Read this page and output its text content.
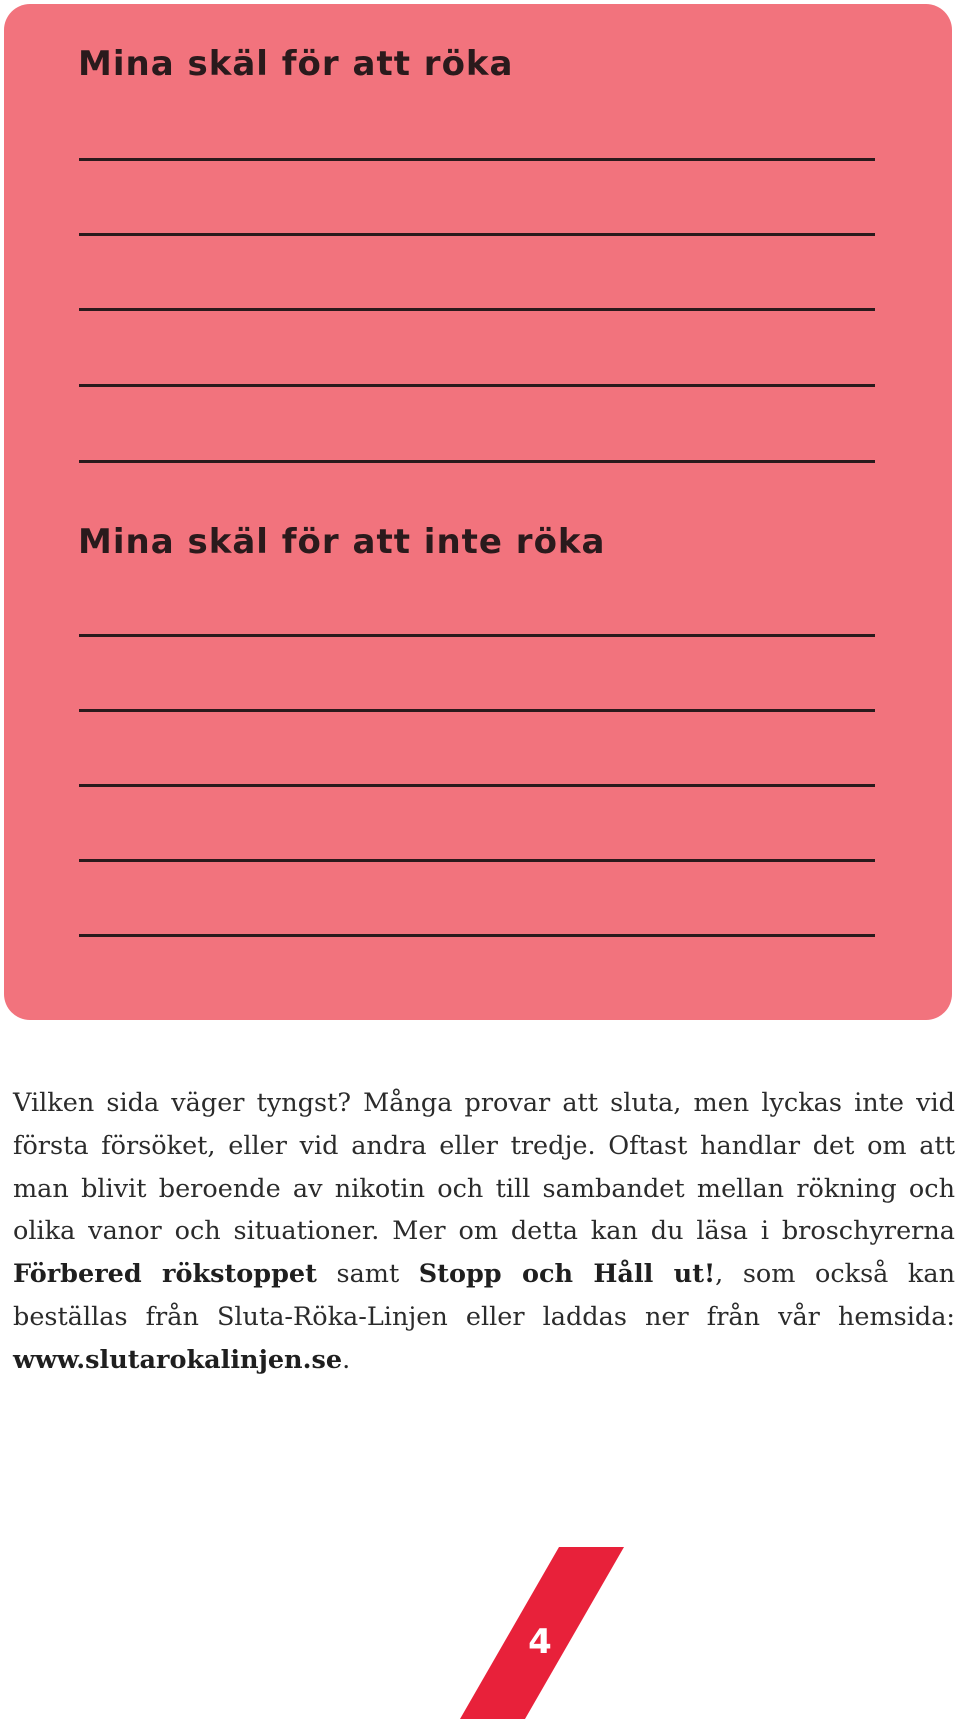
Mina skäl för att röka
Mina skäl för att inte röka

Vilken sida väger tyngst? Många provar att sluta, men lyckas inte vid första försöket, eller vid andra eller tredje. Oftast handlar det om att man blivit beroende av nikotin och till sambandet mellan rökning och olika vanor och situationer. Mer om detta kan du läsa i broschyrerna Förbered rökstoppet samt Stopp och Håll ut!, som också kan beställas från Sluta-Röka-Linjen eller laddas ner från vår hemsida: www.slutarokalinjen.se.

4
